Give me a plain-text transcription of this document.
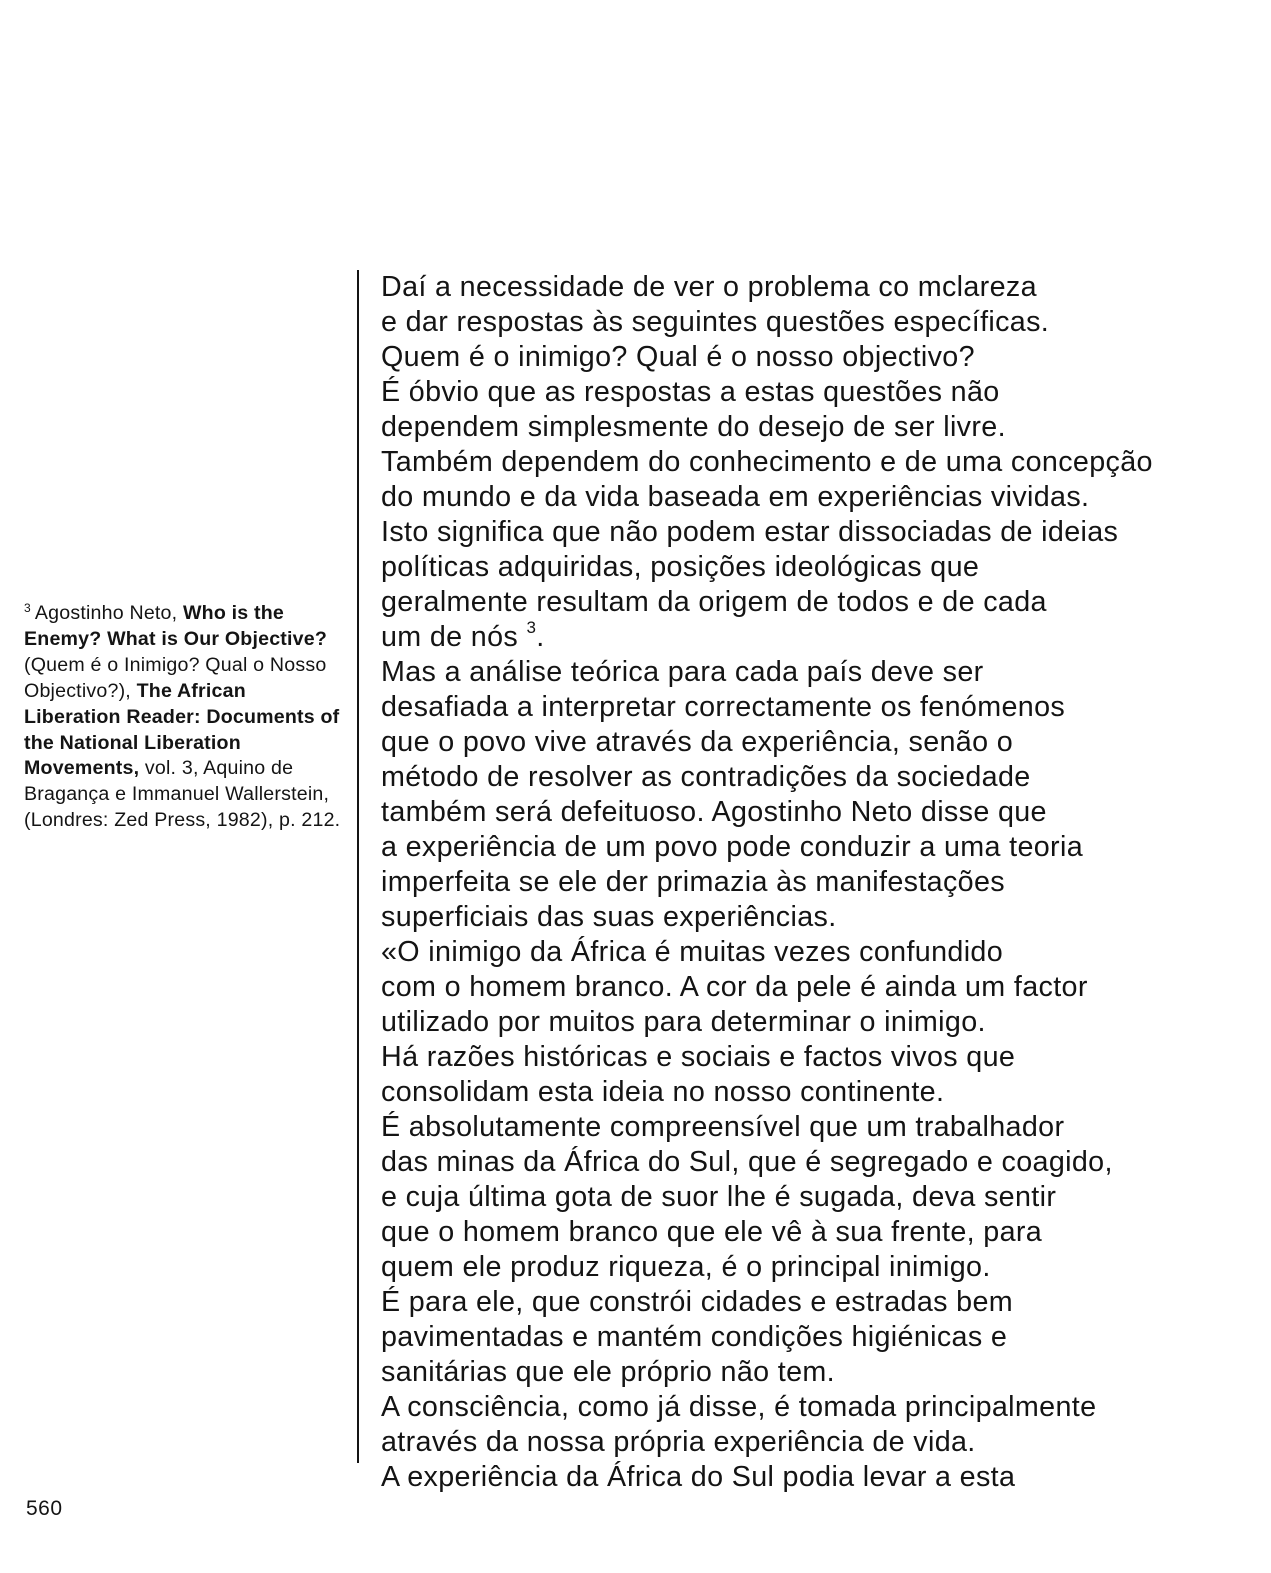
$^3$ Agostinho Neto, Who is the Enemy? What is Our Objective? (Quem é o Inimigo? Qual o Nosso Objectivo?), The African Liberation Reader: Documents of the National Liberation Movements, vol. 3, Aquino de Bragança e Immanuel Wallerstein, (Londres: Zed Press, 1982), p. 212.
Daí a necessidade de ver o problema co mclareza
e dar respostas às seguintes questões específicas.
Quem é o inimigo? Qual é o nosso objectivo?
É óbvio que as respostas a estas questões não
dependem simplesmente do desejo de ser livre.
Também dependem do conhecimento e de uma concepção
do mundo e da vida baseada em experiências vividas.
Isto significa que não podem estar dissociadas de ideias
políticas adquiridas, posições ideológicas que
geralmente resultam da origem de todos e de cada
um de nós $^3$.
Mas a análise teórica para cada país deve ser
desafiada a interpretar correctamente os fenómenos
que o povo vive através da experiência, senão o
método de resolver as contradições da sociedade
também será defeituoso. Agostinho Neto disse que
a experiência de um povo pode conduzir a uma teoria
imperfeita se ele der primazia às manifestações
superficiais das suas experiências.
«O inimigo da África é muitas vezes confundido
com o homem branco. A cor da pele é ainda um factor
utilizado por muitos para determinar o inimigo.
Há razões históricas e sociais e factos vivos que
consolidam esta ideia no nosso continente.
É absolutamente compreensível que um trabalhador
das minas da África do Sul, que é segregado e coagido,
e cuja última gota de suor lhe é sugada, deva sentir
que o homem branco que ele vê à sua frente, para
quem ele produz riqueza, é o principal inimigo.
É para ele, que constrói cidades e estradas bem
pavimentadas e mantém condições higiénicas e
sanitárias que ele próprio não tem.
A consciência, como já disse, é tomada principalmente
através da nossa própria experiência de vida.
A experiência da África do Sul podia levar a esta
560
